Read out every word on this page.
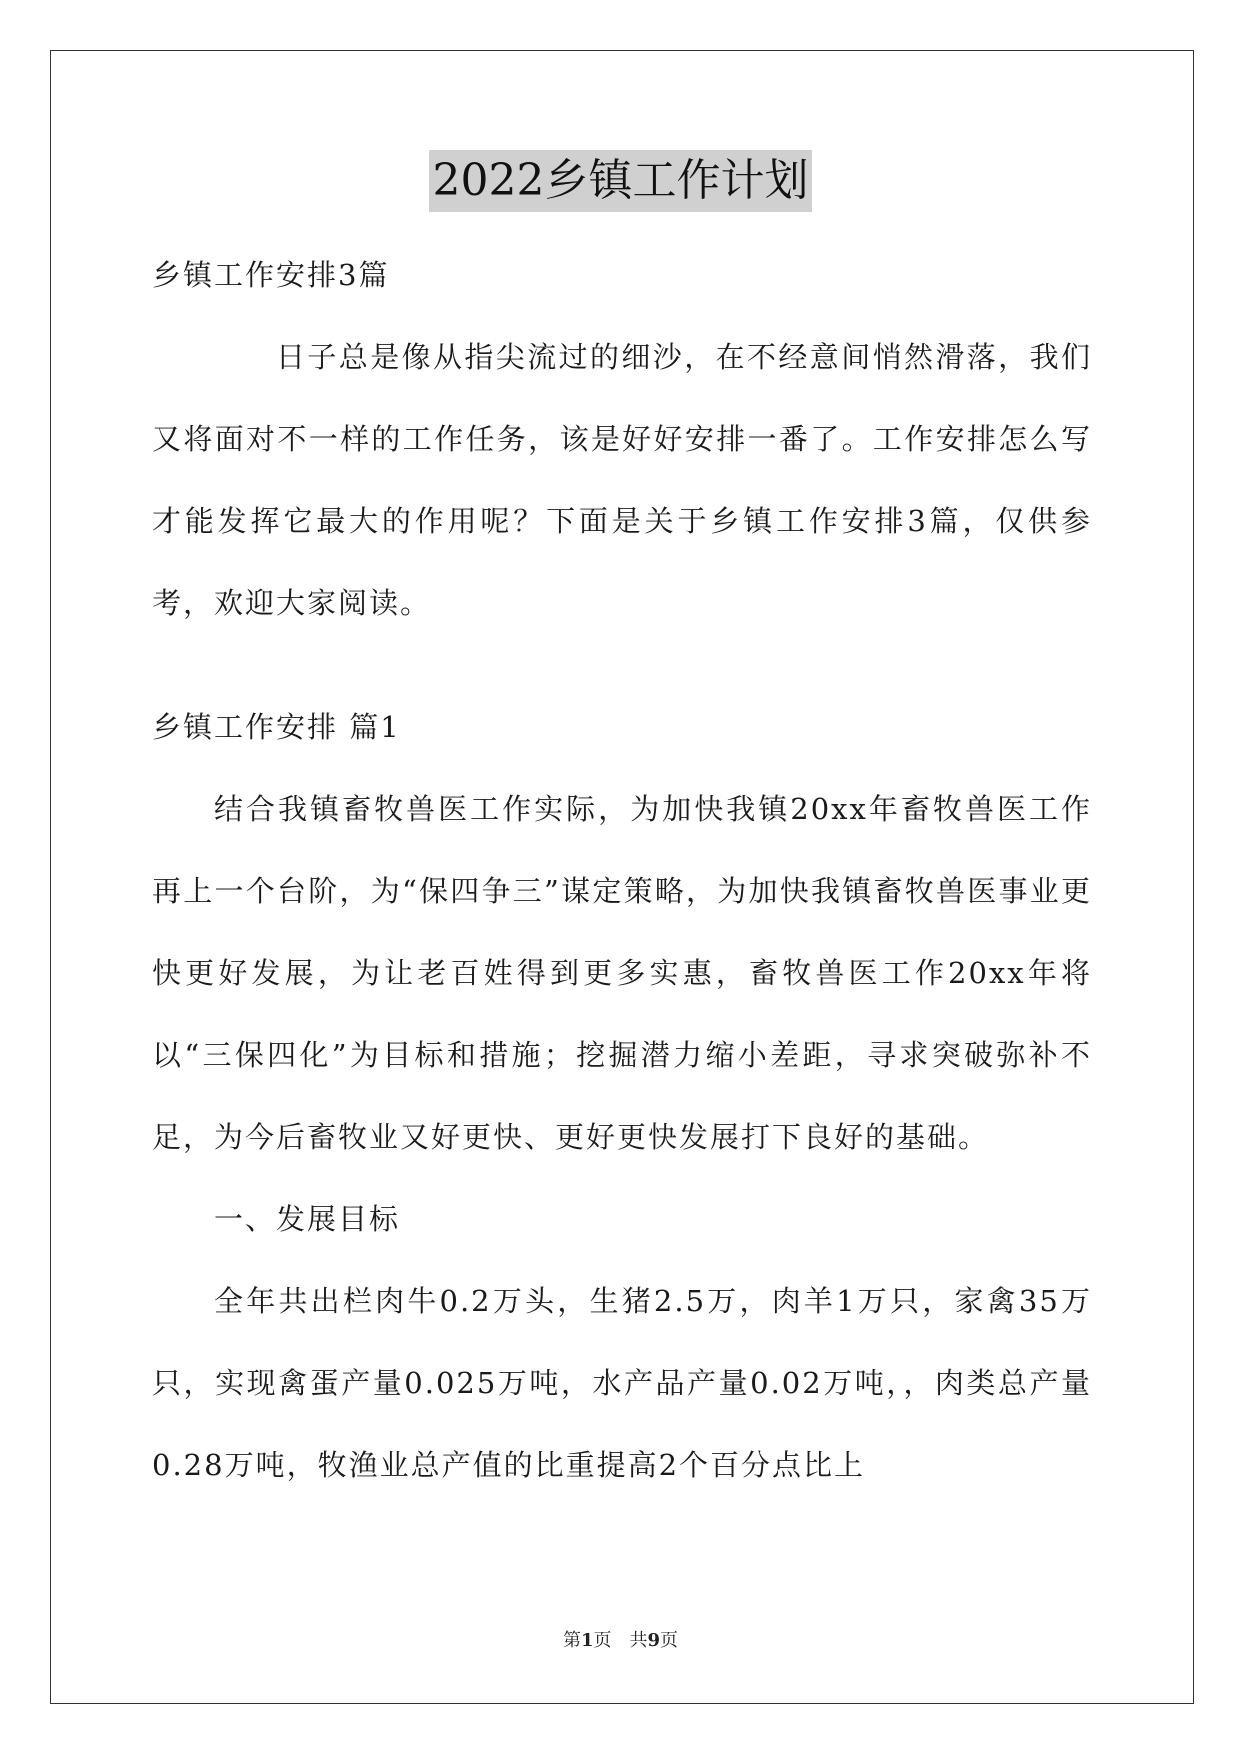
2022乡镇工作计划

乡镇工作安排3篇

日子总是像从指尖流过的细沙，在不经意间悄然滑落，我们又将面对不一样的工作任务，该是好好安排一番了。工作安排怎么写才能发挥它最大的作用呢？下面是关于乡镇工作安排3篇，仅供参考，欢迎大家阅读。

乡镇工作安排 篇1

结合我镇畜牧兽医工作实际，为加快我镇20xx年畜牧兽医工作再上一个台阶，为“保四争三”谋定策略，为加快我镇畜牧兽医事业更快更好发展，为让老百姓得到更多实惠，畜牧兽医工作20xx年将以“三保四化”为目标和措施；挖掘潜力缩小差距，寻求突破弥补不足，为今后畜牧业又好更快、更好更快发展打下良好的基础。

一、发展目标

全年共出栏肉牛0.2万头，生猪2.5万，肉羊1万只，家禽35万只，实现禽蛋产量0.025万吨，水产品产量0.02万吨，，肉类总产量0.28万吨，牧渔业总产值的比重提高2个百分点比上

第1页　共9页
